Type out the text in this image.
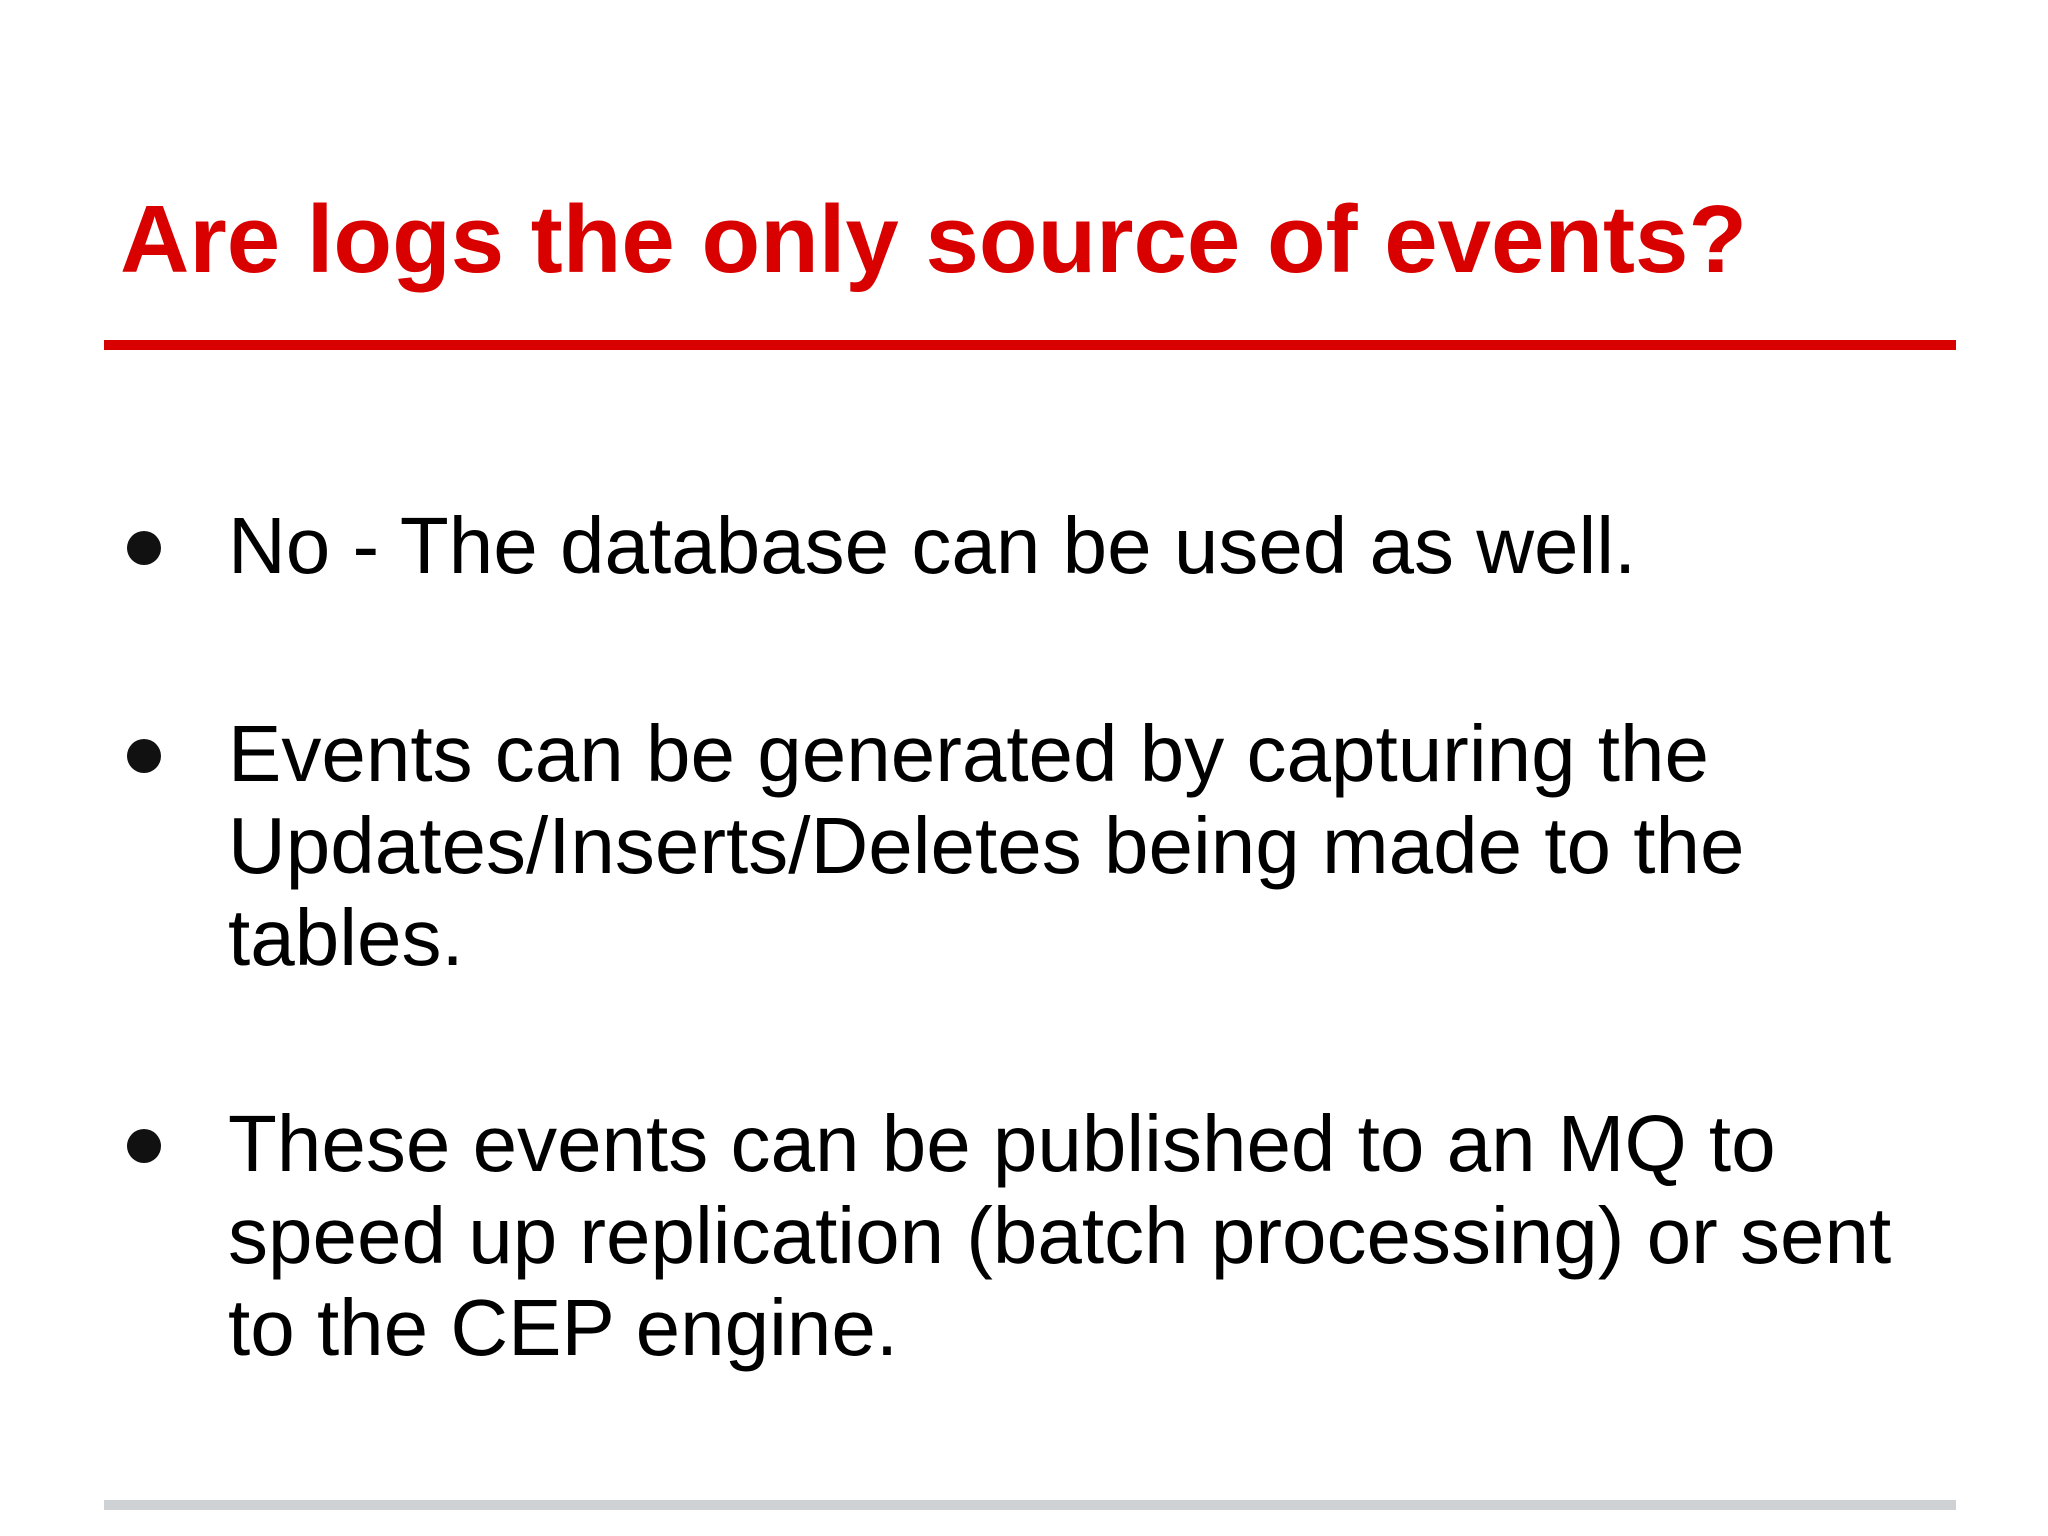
Are logs the only source of events?
No - The database can be used as well.
Events can be generated by capturing the Updates/Inserts/Deletes being made to the tables.
These events can be published to an MQ to speed up replication (batch processing) or sent to the CEP engine.
